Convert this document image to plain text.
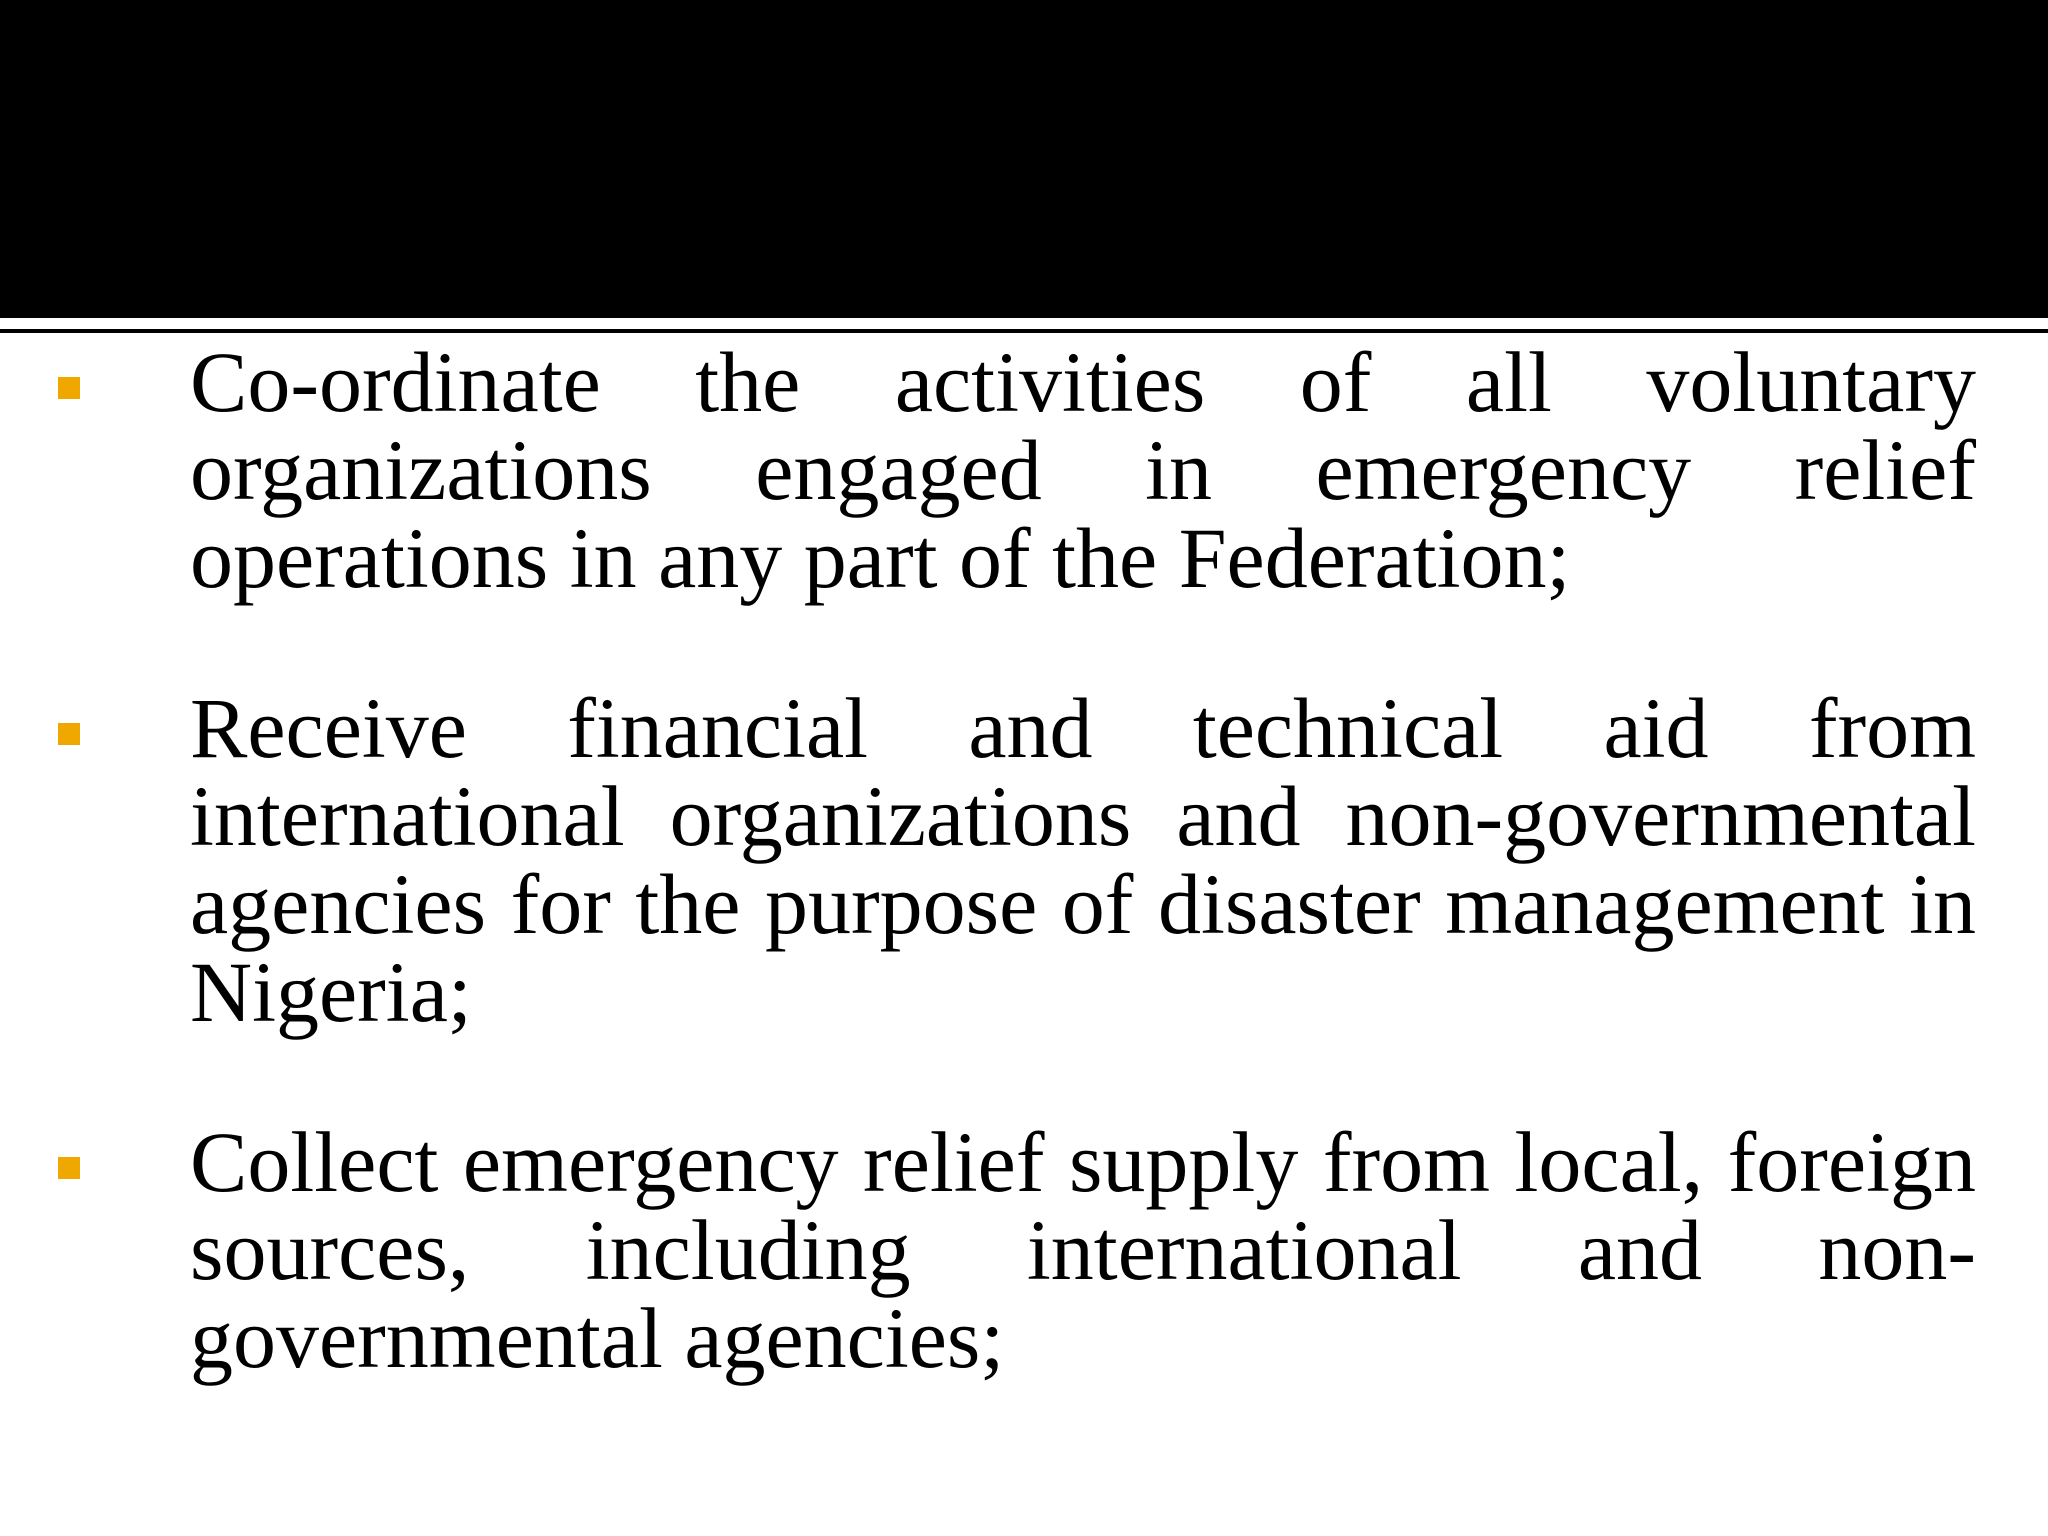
Co-ordinate the activities of all voluntary organizations engaged in emergency relief operations in any part of the Federation;
Receive financial and technical aid from international organizations and non-governmental agencies for the purpose of disaster management in Nigeria;
Collect emergency relief supply from local, foreign sources, including international and non-governmental agencies;
